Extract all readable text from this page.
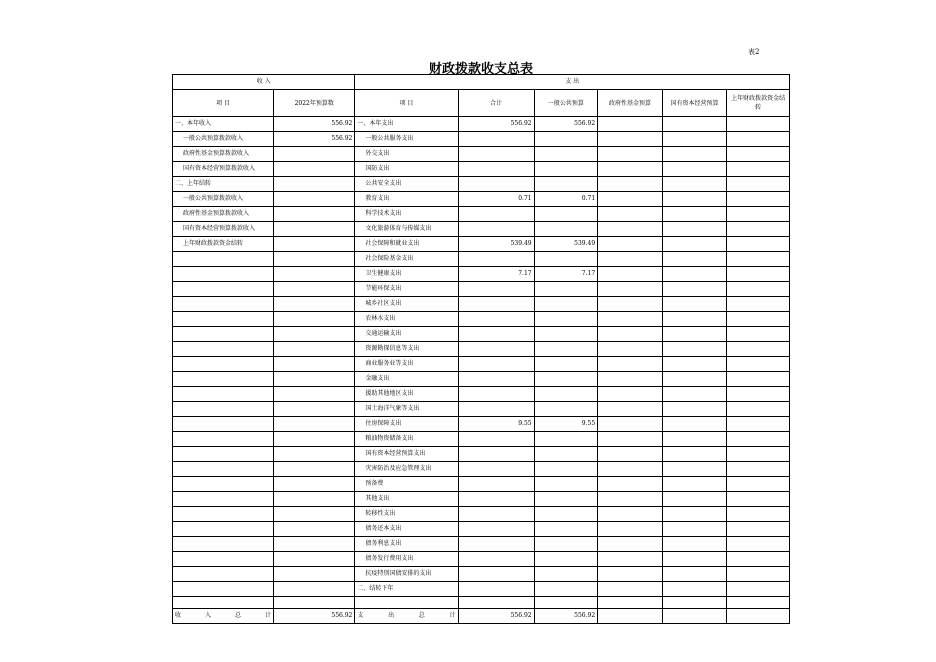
表2
财政拨款收支总表
收 入		支 出					
项 目	2022年预算数	项 目	合计	一般公共预算	政府性基金预算	国有资本经营预算	上年财政拨款资金结转
一、本年收入	556.92	一、本年支出	556.92	556.92			
一般公共预算拨款收入	556.92	一般公共服务支出					
政府性基金预算拨款收入		外交支出					
国有资本经营预算拨款收入		国防支出					
二、上年结转		公共安全支出					
一般公共预算拨款收入		教育支出	0.71	0.71			
政府性基金预算拨款收入		科学技术支出					
国有资本经营预算拨款收入		文化旅游体育与传媒支出					
上年财政拨款资金结转		社会保障和就业支出	539.49	539.49			
		社会保险基金支出					
		卫生健康支出	7.17	7.17			
		节能环保支出					
		城乡社区支出					
		农林水支出					
		交通运输支出					
		资源勘探信息等支出					
		商业服务业等支出					
		金融支出					
		援助其他地区支出					
		国土海洋气象等支出					
		住房保障支出	9.55	9.55			
		粮油物资储备支出					
		国有资本经营预算支出					
		灾害防治及应急管理支出					
		预备费					
		其他支出					
		转移性支出					
		债务还本支出					
		债务利息支出					
		债务发行费用支出					
		抗疫特别国债安排的支出					
		二、结转下年					

收 入 总 计	556.92	支 出 总 计	556.92	556.92			
